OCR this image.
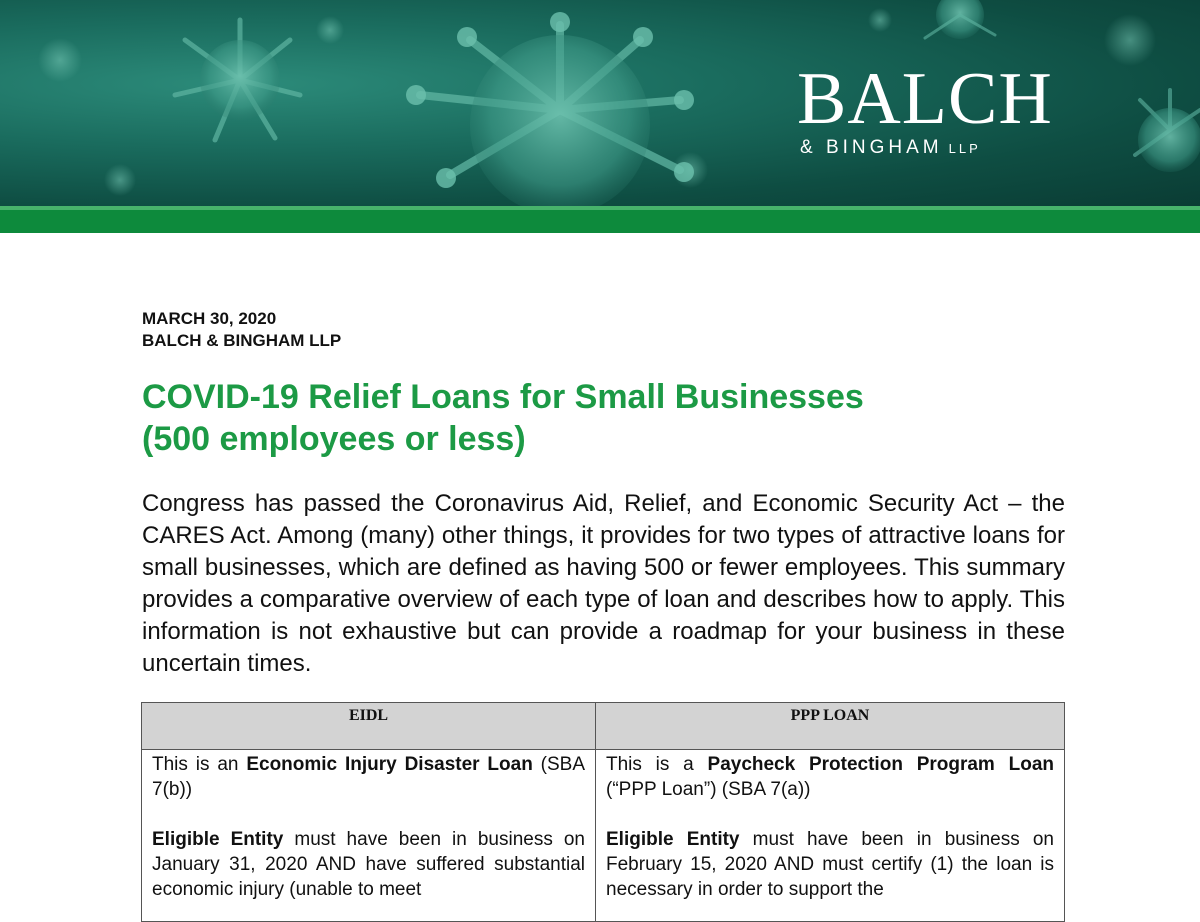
BALCH
& BINGHAM LLP
MARCH 30, 2020
BALCH & BINGHAM LLP
COVID-19 Relief Loans for Small Businesses
(500 employees or less)
Congress has passed the Coronavirus Aid, Relief, and Economic Security Act – the CARES Act. Among (many) other things, it provides for two types of attractive loans for small businesses, which are defined as having 500 or fewer employees. This summary provides a comparative overview of each type of loan and describes how to apply. This information is not exhaustive but can provide a roadmap for your business in these uncertain times.
EIDL
This is an Economic Injury Disaster Loan (SBA 7(b))
Eligible Entity must have been in business on January 31, 2020 AND have suffered substantial economic injury (unable to meet
PPP LOAN
This is a Paycheck Protection Program Loan (“PPP Loan”) (SBA 7(a))
Eligible Entity must have been in business on February 15, 2020 AND must certify (1) the loan is necessary in order to support the
